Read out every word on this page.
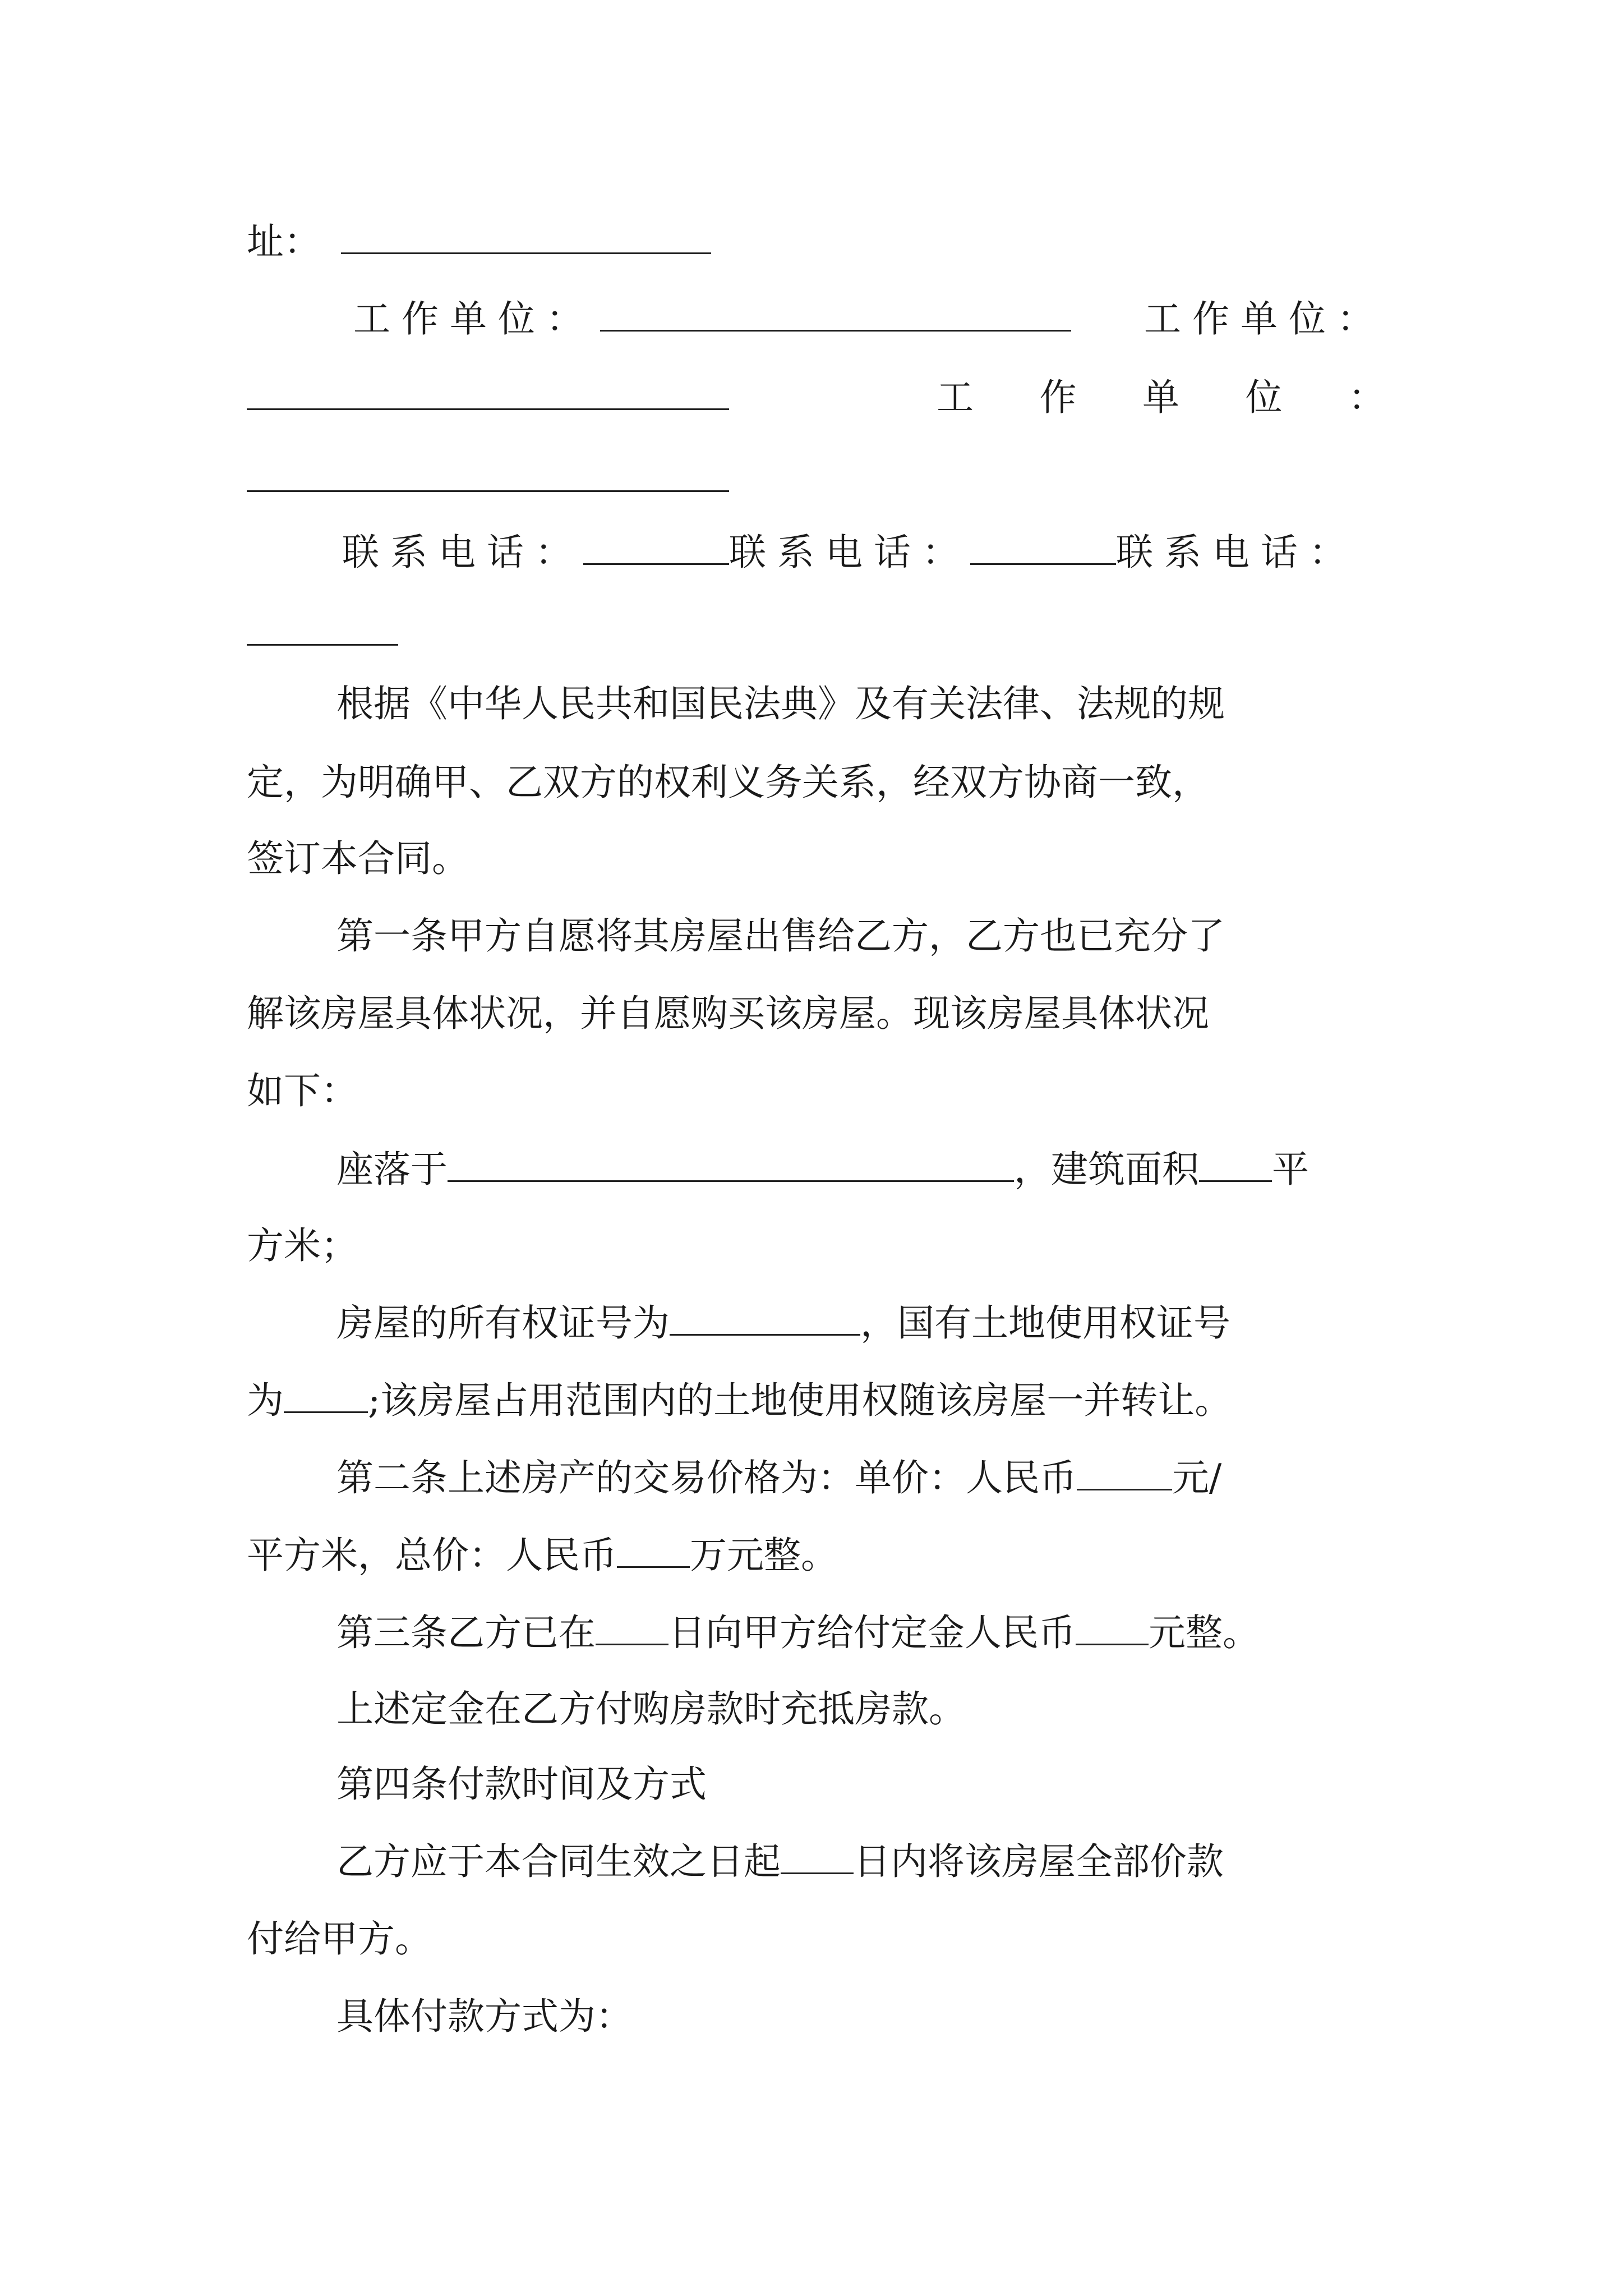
址：
工作单位：	工作单位：
工 作 单 位 ：
联系电话：	联系电话：	联系电话：
根据《中华人民共和国民法典》及有关法律、法规的规
定，为明确甲、乙双方的权利义务关系，经双方协商一致，
签订本合同。
第一条甲方自愿将其房屋出售给乙方，乙方也已充分了
解该房屋具体状况，并自愿购买该房屋。现该房屋具体状况
如下：
座落于	，建筑面积 平
方米；
房屋的所有权证号为	，国有土地使用权证号
为 ;该房屋占用范围内的土地使用权随该房屋一并转让。
第二条上述房产的交易价格为：单价：人民币	元/
平方米，总价：人民币 万元整。
第三条乙方已在 日向甲方给付定金人民币 元整。
上述定金在乙方付购房款时充抵房款。
第四条付款时间及方式
乙方应于本合同生效之日起 日内将该房屋全部价款
付给甲方。
具体付款方式为：
